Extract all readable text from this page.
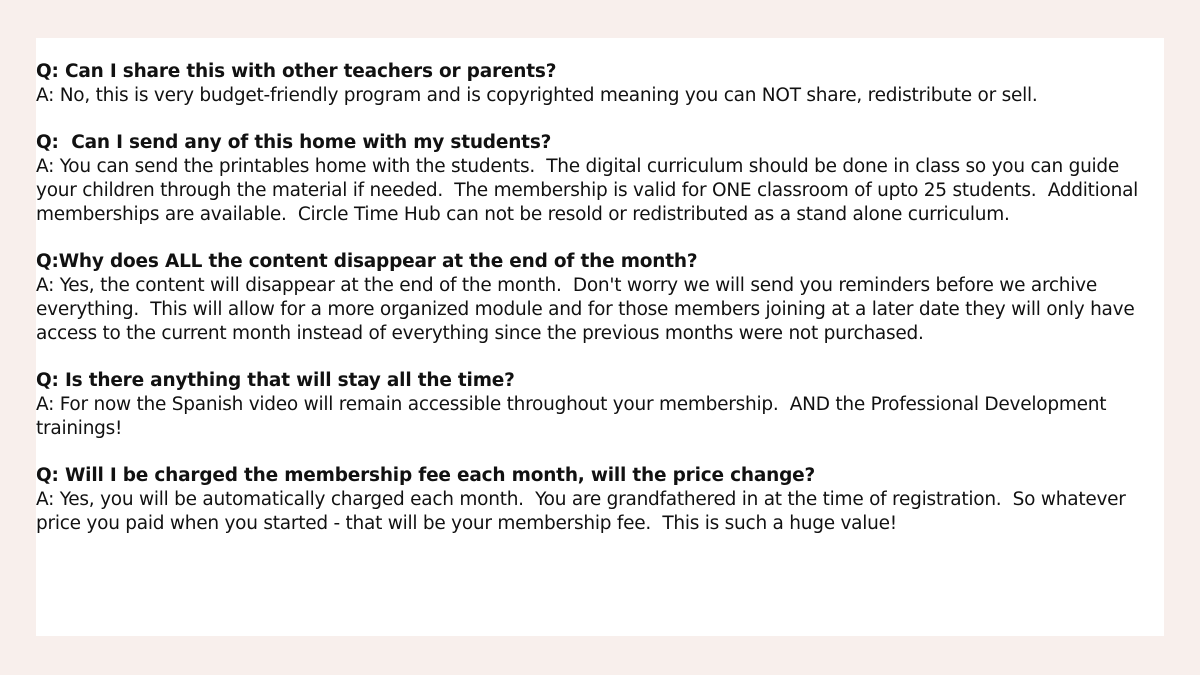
Q: Can I share this with other teachers or parents?

A: No, this is very budget-friendly program and is copyrighted meaning you can NOT share, redistribute or sell.

Q:  Can I send any of this home with my students?

A: You can send the printables home with the students.  The digital curriculum should be done in class so you can guide your children through the material if needed.  The membership is valid for ONE classroom of upto 25 students.  Additional memberships are available.  Circle Time Hub can not be resold or redistributed as a stand alone curriculum.

Q:Why does ALL the content disappear at the end of the month?

A: Yes, the content will disappear at the end of the month.  Don't worry we will send you reminders before we archive everything.  This will allow for a more organized module and for those members joining at a later date they will only have access to the current month instead of everything since the previous months were not purchased.

Q: Is there anything that will stay all the time?

A: For now the Spanish video will remain accessible throughout your membership.  AND the Professional Development trainings!

Q: Will I be charged the membership fee each month, will the price change?

A: Yes, you will be automatically charged each month.  You are grandfathered in at the time of registration.  So whatever price you paid when you started - that will be your membership fee.  This is such a huge value!
